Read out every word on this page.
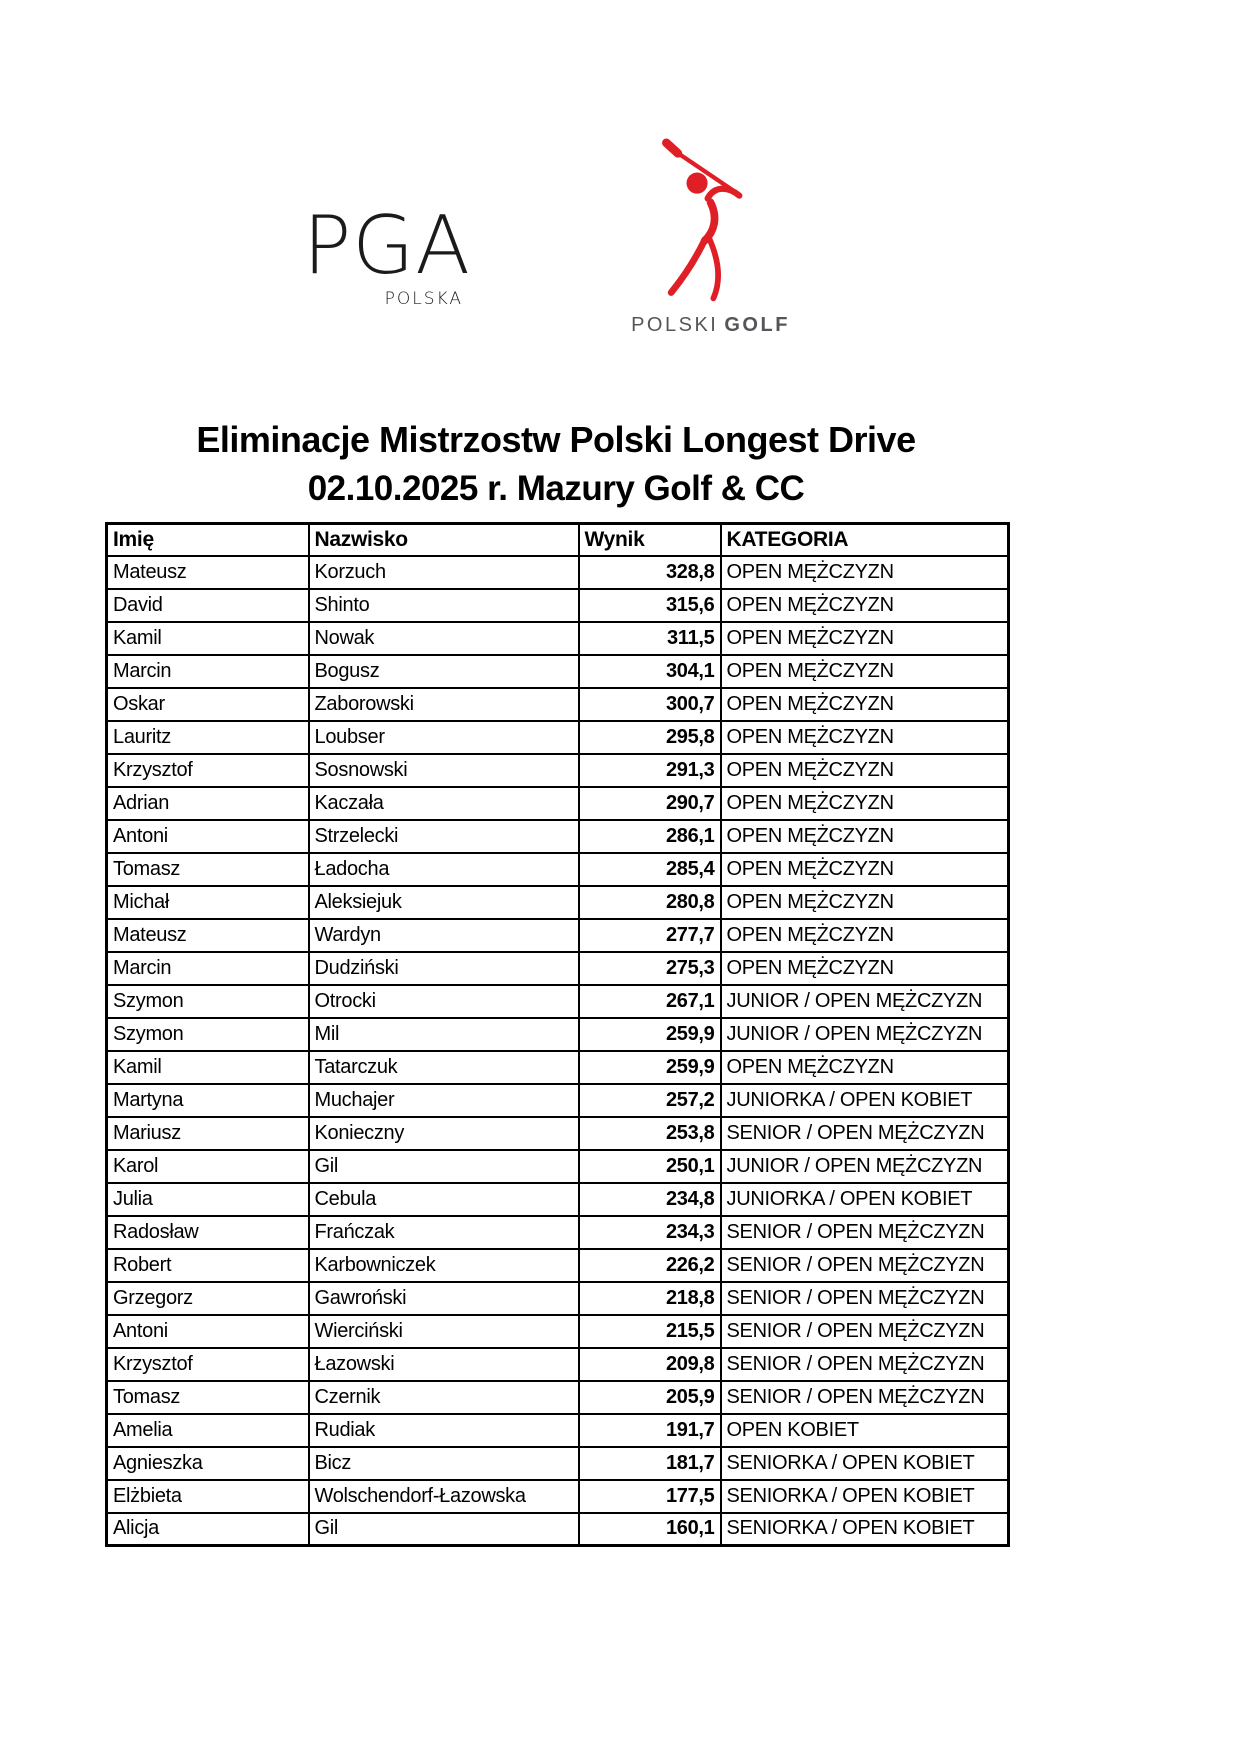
PGA
POLSKA
POLSKI GOLF
Eliminacje Mistrzostw Polski Longest Drive
02.10.2025 r. Mazury Golf & CC
Imię	Nazwisko	Wynik	KATEGORIA
Mateusz	Korzuch	328,8	OPEN MĘŻCZYZN
David	Shinto	315,6	OPEN MĘŻCZYZN
Kamil	Nowak	311,5	OPEN MĘŻCZYZN
Marcin	Bogusz	304,1	OPEN MĘŻCZYZN
Oskar	Zaborowski	300,7	OPEN MĘŻCZYZN
Lauritz	Loubser	295,8	OPEN MĘŻCZYZN
Krzysztof	Sosnowski	291,3	OPEN MĘŻCZYZN
Adrian	Kaczała	290,7	OPEN MĘŻCZYZN
Antoni	Strzelecki	286,1	OPEN MĘŻCZYZN
Tomasz	Ładocha	285,4	OPEN MĘŻCZYZN
Michał	Aleksiejuk	280,8	OPEN MĘŻCZYZN
Mateusz	Wardyn	277,7	OPEN MĘŻCZYZN
Marcin	Dudziński	275,3	OPEN MĘŻCZYZN
Szymon	Otrocki	267,1	JUNIOR / OPEN MĘŻCZYZN
Szymon	Mil	259,9	JUNIOR / OPEN MĘŻCZYZN
Kamil	Tatarczuk	259,9	OPEN MĘŻCZYZN
Martyna	Muchajer	257,2	JUNIORKA / OPEN KOBIET
Mariusz	Konieczny	253,8	SENIOR / OPEN MĘŻCZYZN
Karol	Gil	250,1	JUNIOR / OPEN MĘŻCZYZN
Julia	Cebula	234,8	JUNIORKA / OPEN KOBIET
Radosław	Frańczak	234,3	SENIOR / OPEN MĘŻCZYZN
Robert	Karbowniczek	226,2	SENIOR / OPEN MĘŻCZYZN
Grzegorz	Gawroński	218,8	SENIOR / OPEN MĘŻCZYZN
Antoni	Wierciński	215,5	SENIOR / OPEN MĘŻCZYZN
Krzysztof	Łazowski	209,8	SENIOR / OPEN MĘŻCZYZN
Tomasz	Czernik	205,9	SENIOR / OPEN MĘŻCZYZN
Amelia	Rudiak	191,7	OPEN KOBIET
Agnieszka	Bicz	181,7	SENIORKA / OPEN KOBIET
Elżbieta	Wolschendorf-Łazowska	177,5	SENIORKA / OPEN KOBIET
Alicja	Gil	160,1	SENIORKA / OPEN KOBIET
